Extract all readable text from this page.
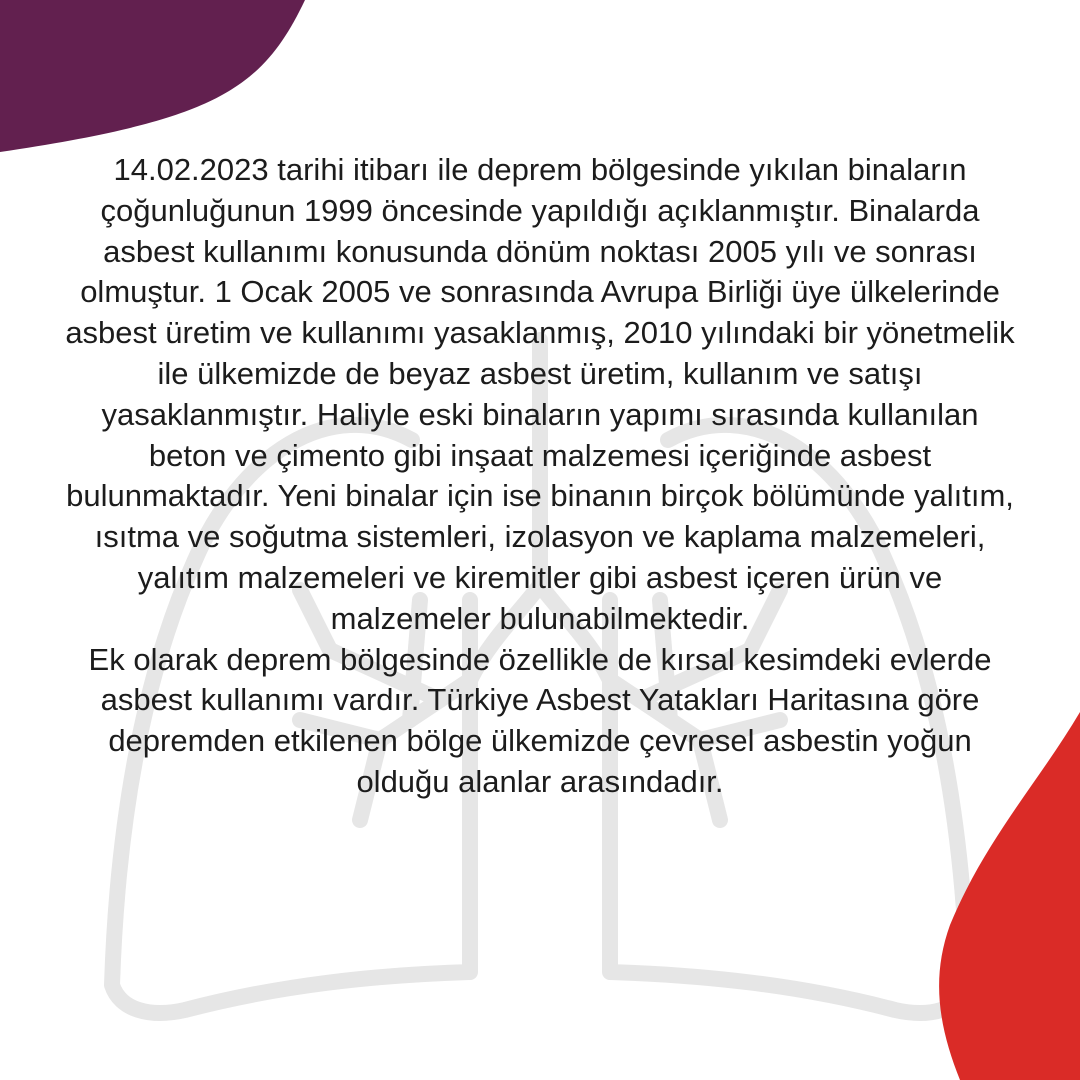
14.02.2023 tarihi itibarı ile deprem bölgesinde yıkılan binaların çoğunluğunun 1999 öncesinde yapıldığı açıklanmıştır. Binalarda asbest kullanımı konusunda dönüm noktası 2005 yılı ve sonrası olmuştur. 1 Ocak 2005 ve sonrasında Avrupa Birliği üye ülkelerinde asbest üretim ve kullanımı yasaklanmış, 2010 yılındaki bir yönetmelik ile ülkemizde de beyaz asbest üretim, kullanım ve satışı yasaklanmıştır. Haliyle eski binaların yapımı sırasında kullanılan beton ve çimento gibi inşaat malzemesi içeriğinde asbest bulunmaktadır. Yeni binalar için ise binanın birçok bölümünde yalıtım, ısıtma ve soğutma sistemleri, izolasyon ve kaplama malzemeleri, yalıtım malzemeleri ve kiremitler gibi asbest içeren ürün ve malzemeler bulunabilmektedir.

Ek olarak deprem bölgesinde özellikle de kırsal kesimdeki evlerde asbest kullanımı vardır. Türkiye Asbest Yatakları Haritasına göre depremden etkilenen bölge ülkemizde çevresel asbestin yoğun olduğu alanlar arasındadır.
